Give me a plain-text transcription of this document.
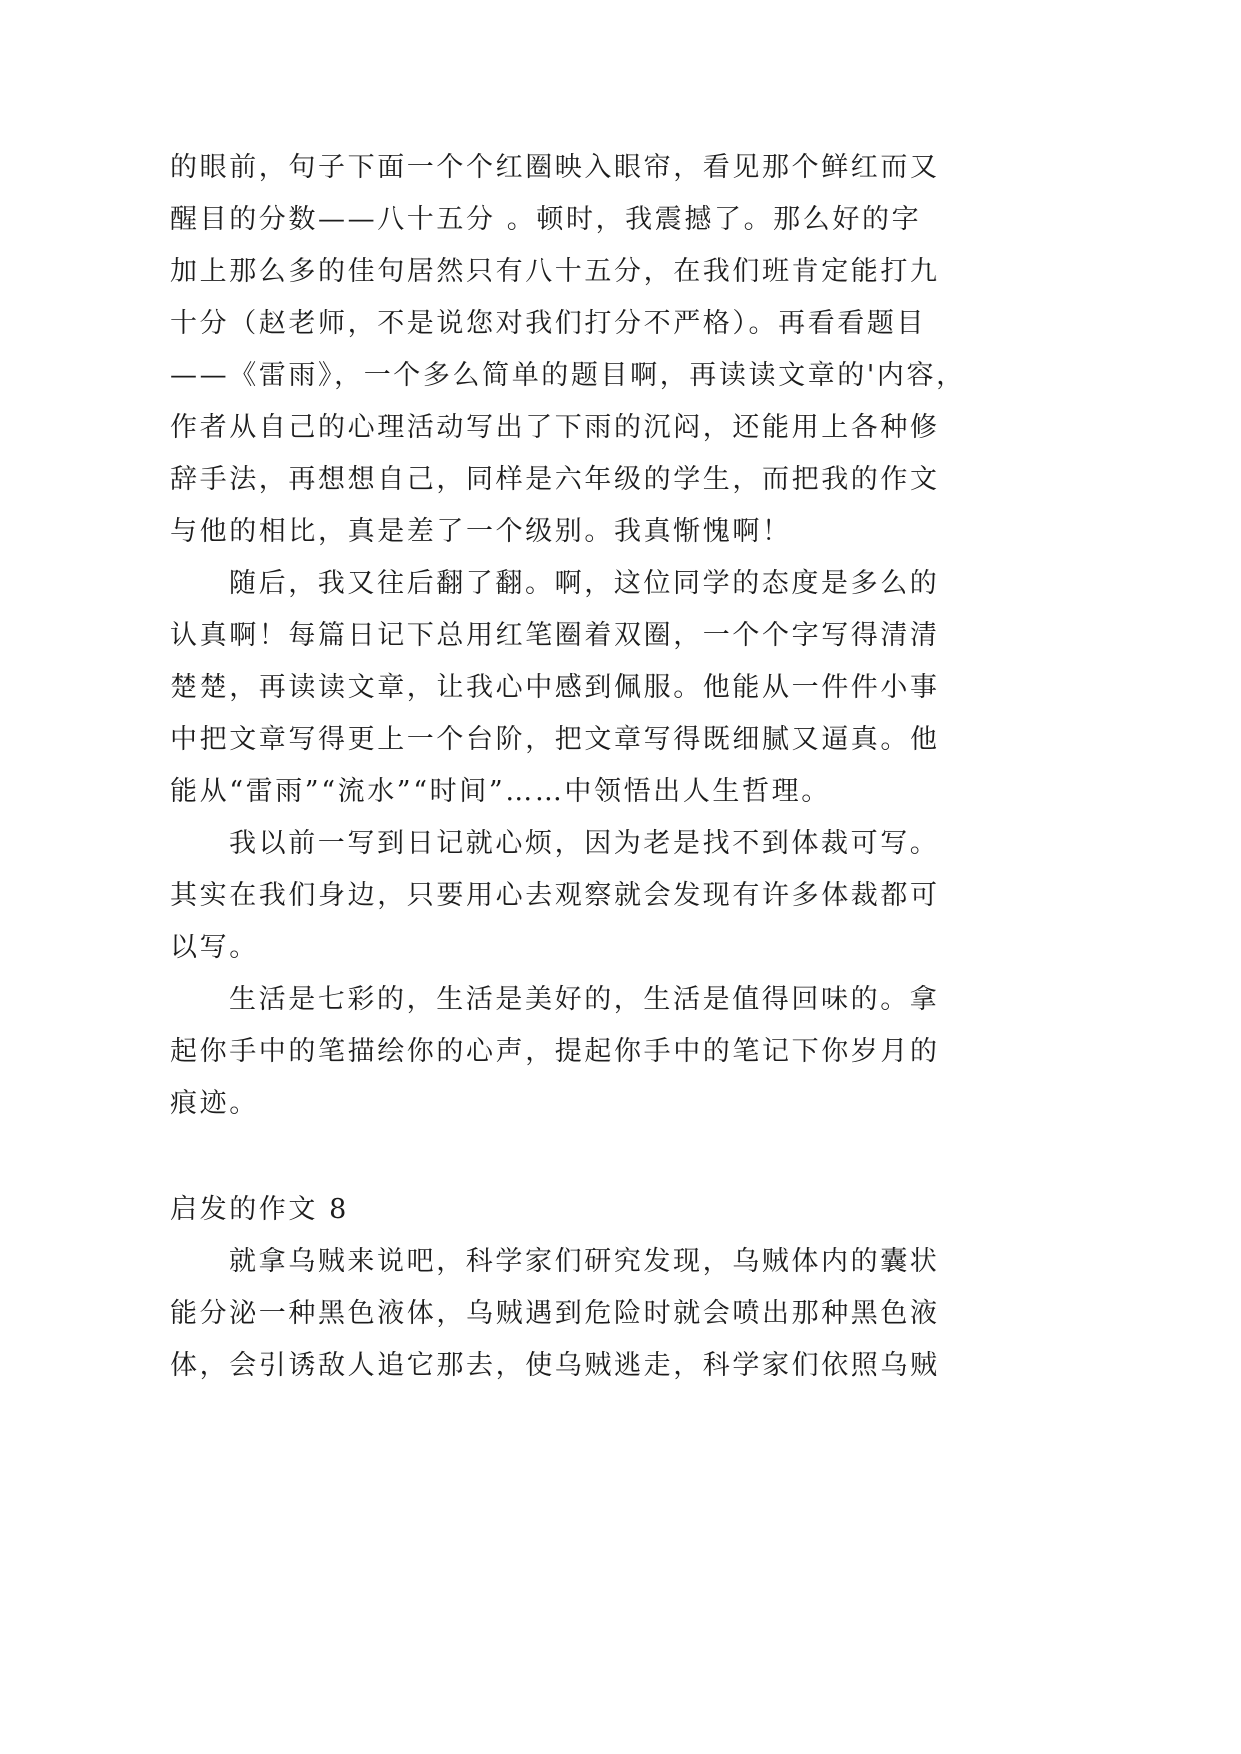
的眼前，句子下面一个个红圈映入眼帘，看见那个鲜红而又

醒目的分数——八十五分 。顿时，我震撼了。那么好的字

加上那么多的佳句居然只有八十五分，在我们班肯定能打九

十分（赵老师，不是说您对我们打分不严格）。再看看题目

——《雷雨》，一个多么简单的题目啊，再读读文章的'内容，

作者从自己的心理活动写出了下雨的沉闷，还能用上各种修

辞手法，再想想自己，同样是六年级的学生，而把我的作文

与他的相比，真是差了一个级别。我真惭愧啊！

随后，我又往后翻了翻。啊，这位同学的态度是多么的

认真啊！每篇日记下总用红笔圈着双圈，一个个字写得清清

楚楚，再读读文章，让我心中感到佩服。他能从一件件小事

中把文章写得更上一个台阶，把文章写得既细腻又逼真。他

能从“雷雨”“流水”“时间”……中领悟出人生哲理。

我以前一写到日记就心烦，因为老是找不到体裁可写。

其实在我们身边，只要用心去观察就会发现有许多体裁都可

以写。

生活是七彩的，生活是美好的，生活是值得回味的。拿

起你手中的笔描绘你的心声，提起你手中的笔记下你岁月的

痕迹。

启发的作文 8

就拿乌贼来说吧，科学家们研究发现，乌贼体内的囊状

能分泌一种黑色液体，乌贼遇到危险时就会喷出那种黑色液

体，会引诱敌人追它那去，使乌贼逃走，科学家们依照乌贼
